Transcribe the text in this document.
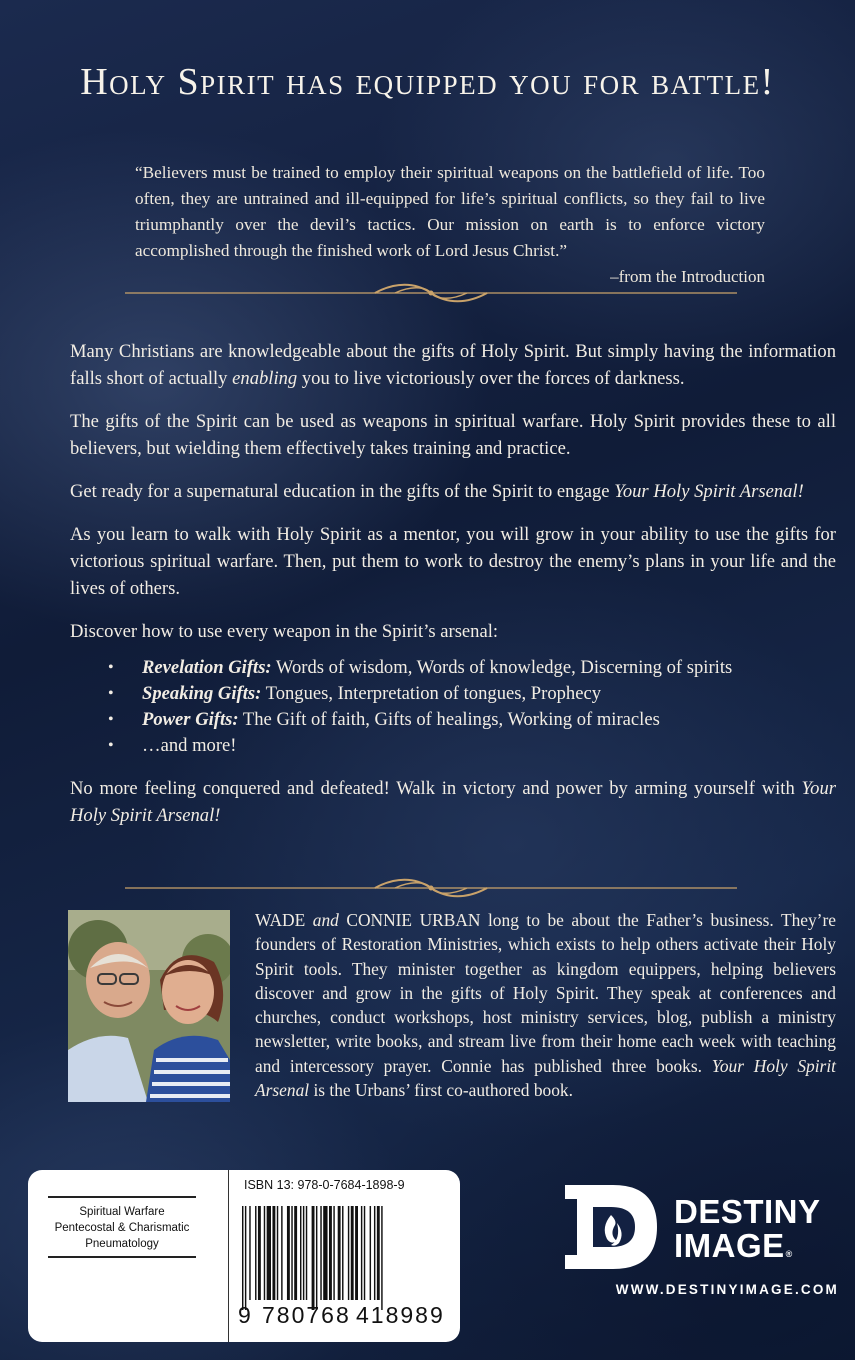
Holy Spirit has equipped you for battle!
“Believers must be trained to employ their spiritual weapons on the battlefield of life. Too often, they are untrained and ill-equipped for life’s spiritual conflicts, so they fail to live triumphantly over the devil’s tactics. Our mission on earth is to enforce victory accomplished through the finished work of Lord Jesus Christ.”
–from the Introduction

Many Christians are knowledgeable about the gifts of Holy Spirit. But simply having the information falls short of actually enabling you to live victoriously over the forces of darkness.

The gifts of the Spirit can be used as weapons in spiritual warfare. Holy Spirit provides these to all believers, but wielding them effectively takes training and practice.

Get ready for a supernatural education in the gifts of the Spirit to engage Your Holy Spirit Arsenal!

As you learn to walk with Holy Spirit as a mentor, you will grow in your ability to use the gifts for victorious spiritual warfare. Then, put them to work to destroy the enemy’s plans in your life and the lives of others.

Discover how to use every weapon in the Spirit’s arsenal:

• Revelation Gifts: Words of wisdom, Words of knowledge, Discerning of spirits
• Speaking Gifts: Tongues, Interpretation of tongues, Prophecy
• Power Gifts: The Gift of faith, Gifts of healings, Working of miracles
• …and more!

No more feeling conquered and defeated! Walk in victory and power by arming yourself with Your Holy Spirit Arsenal!

WADE and CONNIE URBAN long to be about the Father’s business. They’re founders of Restoration Ministries, which exists to help others activate their Holy Spirit tools. They minister together as kingdom equippers, helping believers discover and grow in the gifts of Holy Spirit. They speak at conferences and churches, conduct workshops, host ministry services, blog, publish a ministry newsletter, write books, and stream live from their home each week with teaching and intercessory prayer. Connie has published three books. Your Holy Spirit Arsenal is the Urbans’ first co-authored book.
Spiritual Warfare
Pentecostal & Charismatic
Pneumatology
ISBN 13: 978-0-7684-1898-9
9 780768 418989
DESTINY
IMAGE®
WWW.DESTINYIMAGE.COM
